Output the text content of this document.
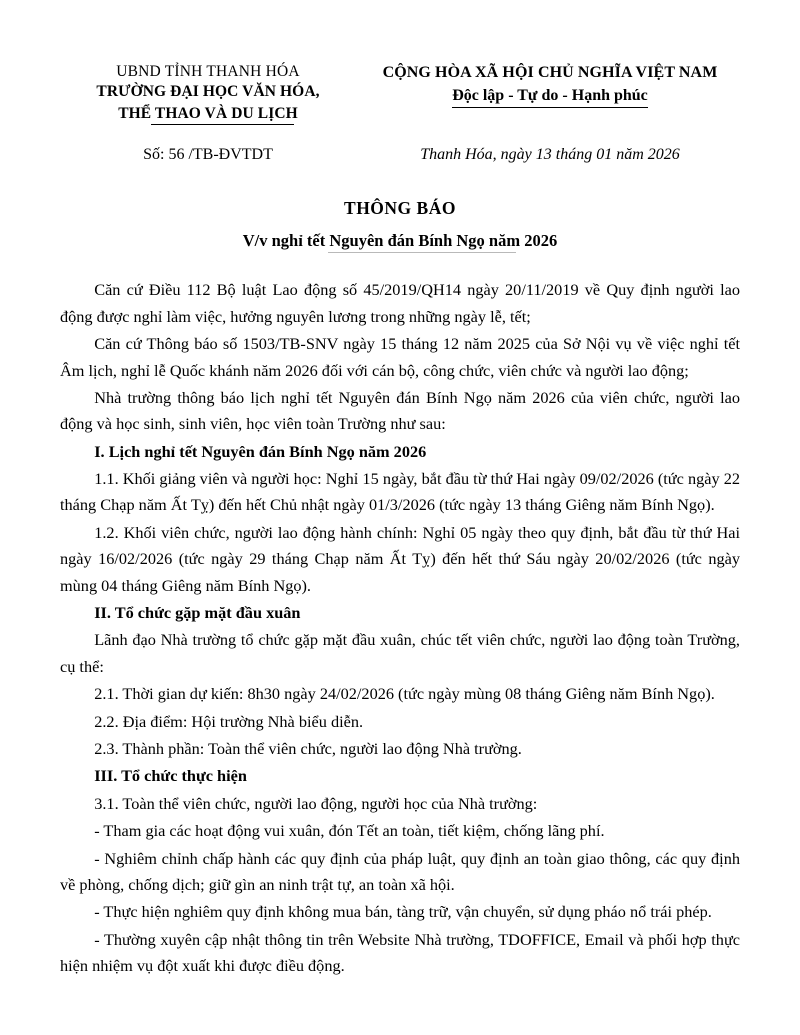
UBND TỈNH THANH HÓA
TRƯỜNG ĐẠI HỌC VĂN HÓA,
THỂ THAO VÀ DU LỊCH
CỘNG HÒA XÃ HỘI CHỦ NGHĨA VIỆT NAM
Độc lập - Tự do - Hạnh phúc
Số: 56 /TB-ĐVTDT	Thanh Hóa, ngày 13 tháng 01 năm 2026
THÔNG BÁO
V/v nghỉ tết Nguyên đán Bính Ngọ năm 2026

Căn cứ Điều 112 Bộ luật Lao động số 45/2019/QH14 ngày 20/11/2019 về Quy định người lao động được nghỉ làm việc, hưởng nguyên lương trong những ngày lễ, tết;

Căn cứ Thông báo số 1503/TB-SNV ngày 15 tháng 12 năm 2025 của Sở Nội vụ về việc nghỉ tết Âm lịch, nghỉ lễ Quốc khánh năm 2026 đối với cán bộ, công chức, viên chức và người lao động;

Nhà trường thông báo lịch nghỉ tết Nguyên đán Bính Ngọ năm 2026 của viên chức, người lao động và học sinh, sinh viên, học viên toàn Trường như sau:

I. Lịch nghỉ tết Nguyên đán Bính Ngọ năm 2026

1.1. Khối giảng viên và người học: Nghỉ 15 ngày, bắt đầu từ thứ Hai ngày 09/02/2026 (tức ngày 22 tháng Chạp năm Ất Tỵ) đến hết Chủ nhật ngày 01/3/2026 (tức ngày 13 tháng Giêng năm Bính Ngọ).

1.2. Khối viên chức, người lao động hành chính: Nghỉ 05 ngày theo quy định, bắt đầu từ thứ Hai ngày 16/02/2026 (tức ngày 29 tháng Chạp năm Ất Tỵ) đến hết thứ Sáu ngày 20/02/2026 (tức ngày mùng 04 tháng Giêng năm Bính Ngọ).

II. Tổ chức gặp mặt đầu xuân

Lãnh đạo Nhà trường tổ chức gặp mặt đầu xuân, chúc tết viên chức, người lao động toàn Trường, cụ thể:

2.1. Thời gian dự kiến: 8h30 ngày 24/02/2026 (tức ngày mùng 08 tháng Giêng năm Bính Ngọ).

2.2. Địa điểm: Hội trường Nhà biểu diễn.

2.3. Thành phần: Toàn thể viên chức, người lao động Nhà trường.

III. Tổ chức thực hiện

3.1. Toàn thể viên chức, người lao động, người học của Nhà trường:

- Tham gia các hoạt động vui xuân, đón Tết an toàn, tiết kiệm, chống lãng phí.

- Nghiêm chỉnh chấp hành các quy định của pháp luật, quy định an toàn giao thông, các quy định về phòng, chống dịch; giữ gìn an ninh trật tự, an toàn xã hội.

- Thực hiện nghiêm quy định không mua bán, tàng trữ, vận chuyển, sử dụng pháo nổ trái phép.

- Thường xuyên cập nhật thông tin trên Website Nhà trường, TDOFFICE, Email và phối hợp thực hiện nhiệm vụ đột xuất khi được điều động.
